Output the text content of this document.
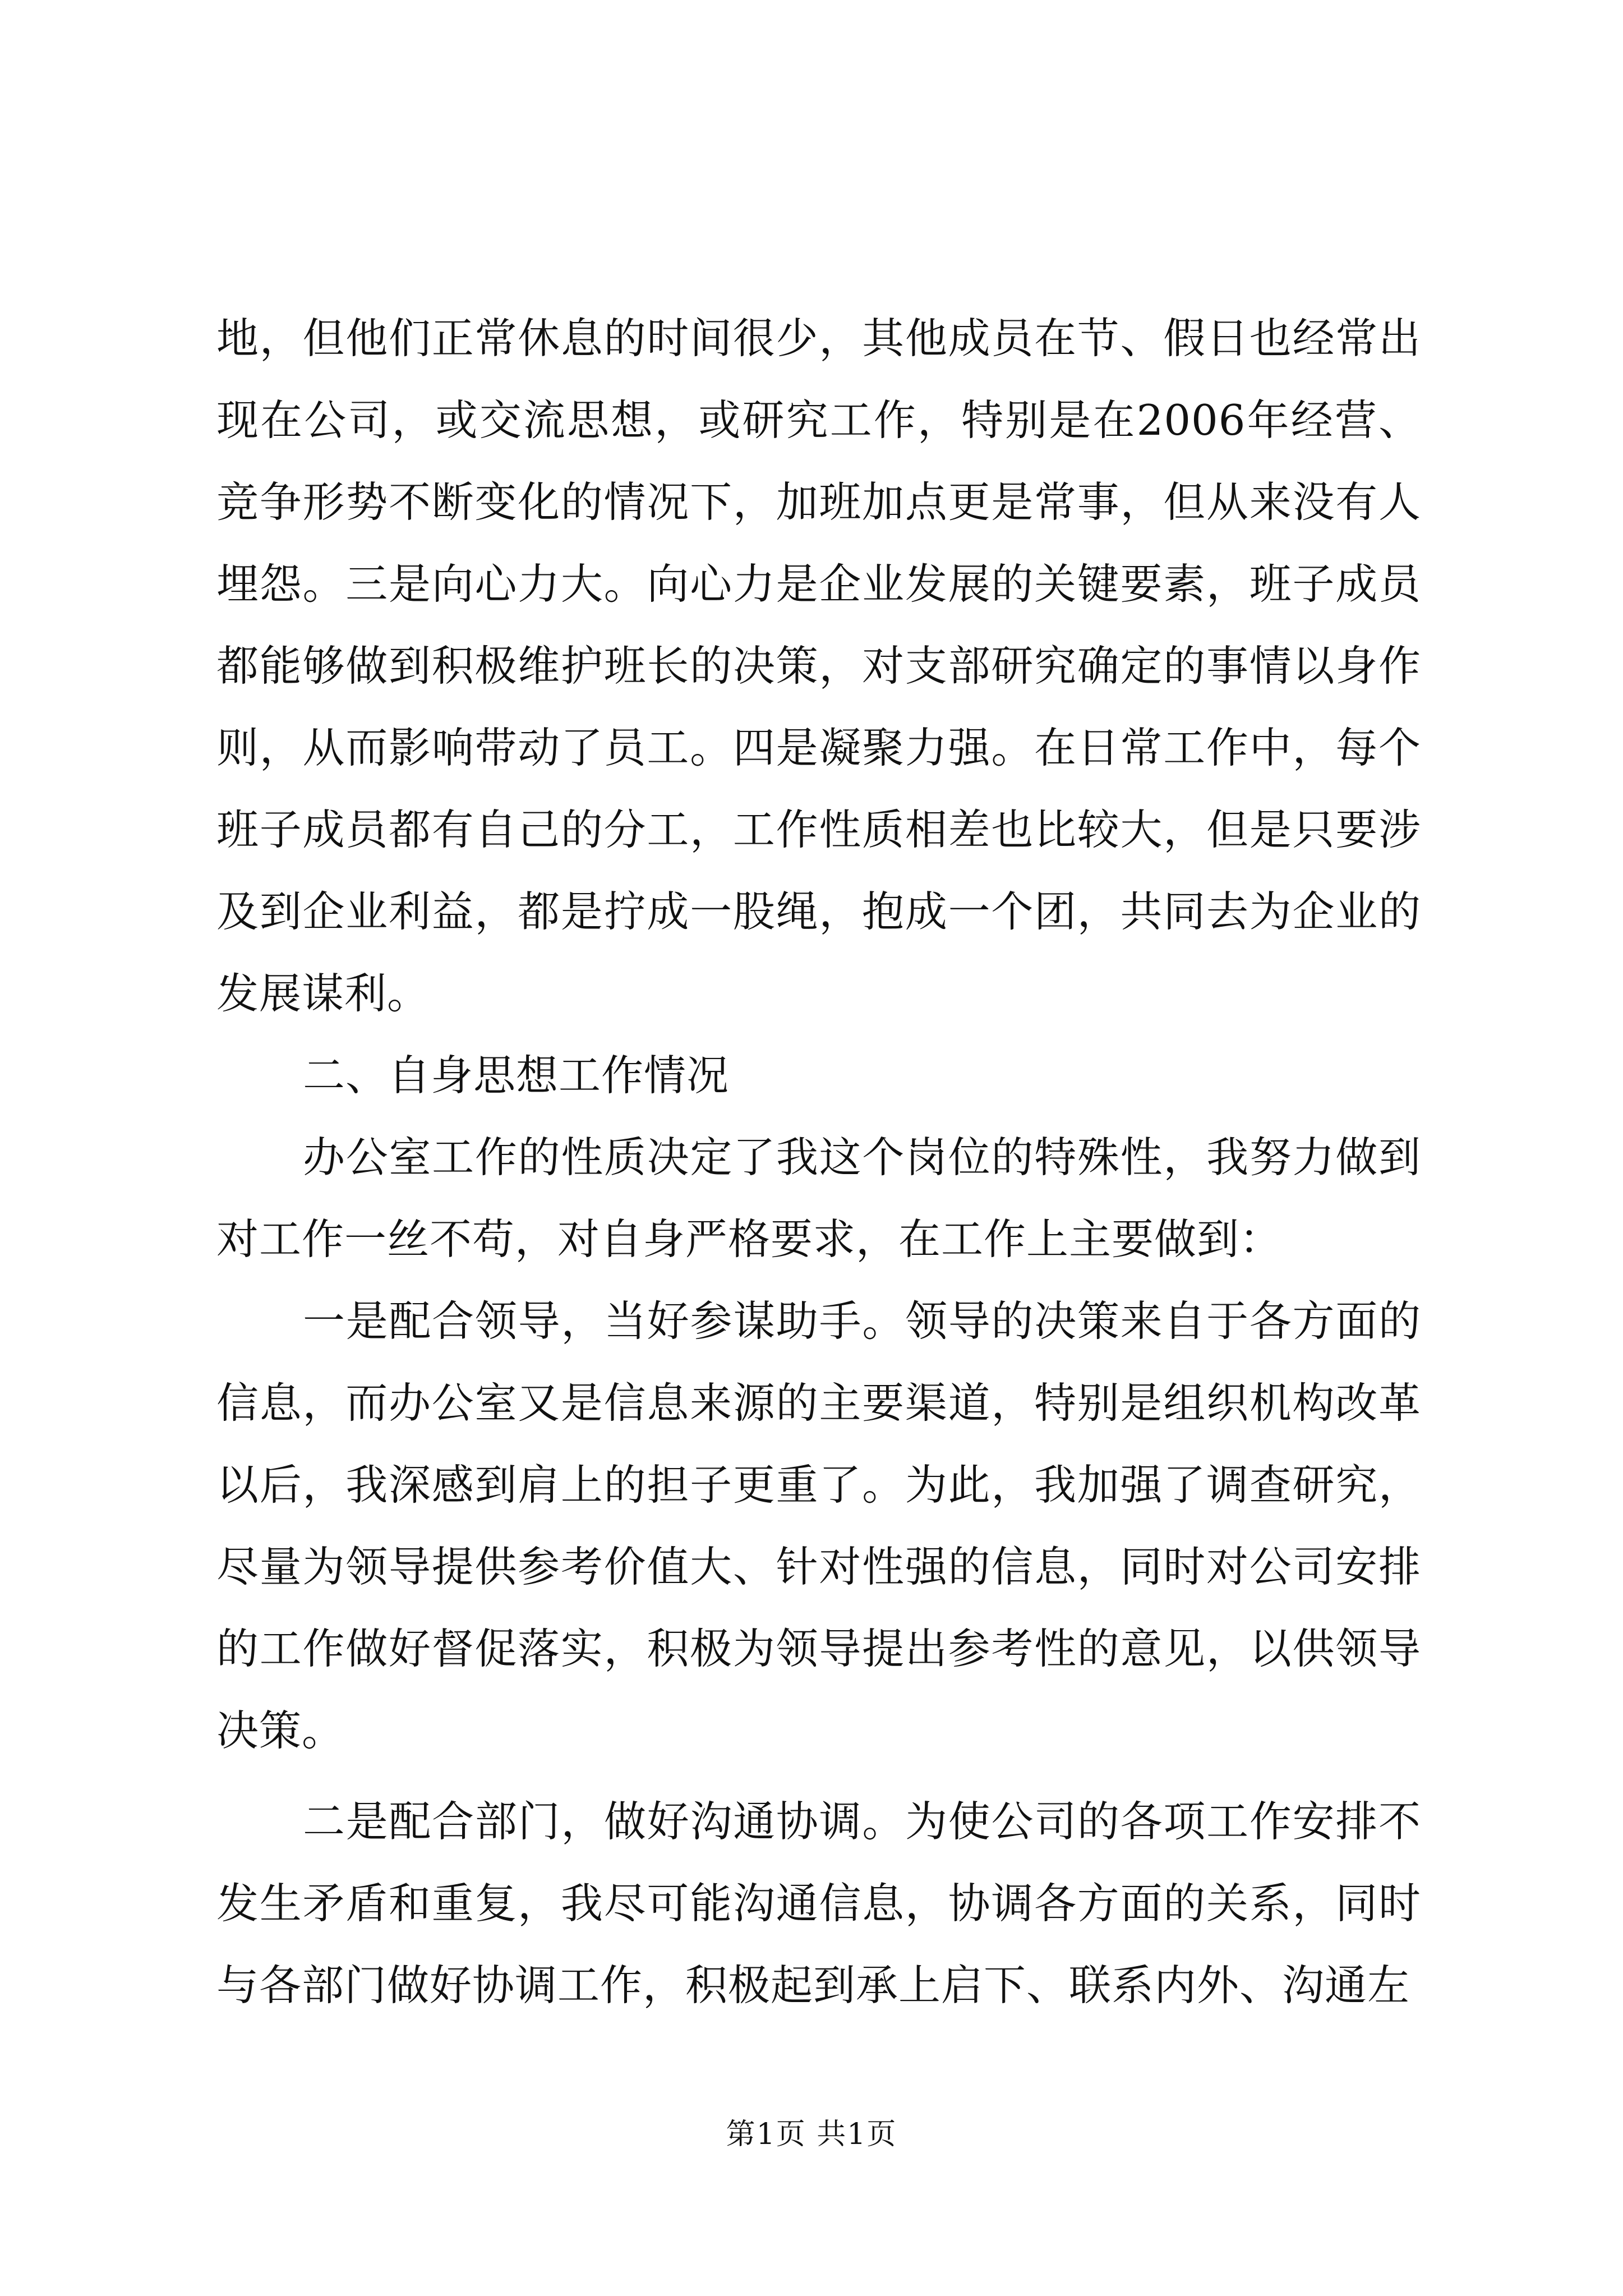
地，但他们正常休息的时间很少，其他成员在节、假日也经常出现在公司，或交流思想，或研究工作，特别是在2006年经营、竞争形势不断变化的情况下，加班加点更是常事，但从来没有人埋怨。三是向心力大。向心力是企业发展的关键要素，班子成员都能够做到积极维护班长的决策，对支部研究确定的事情以身作则，从而影响带动了员工。四是凝聚力强。在日常工作中，每个班子成员都有自己的分工，工作性质相差也比较大，但是只要涉及到企业利益，都是拧成一股绳，抱成一个团，共同去为企业的发展谋利。

二、自身思想工作情况

办公室工作的性质决定了我这个岗位的特殊性，我努力做到对工作一丝不苟，对自身严格要求，在工作上主要做到：

一是配合领导，当好参谋助手。领导的决策来自于各方面的信息，而办公室又是信息来源的主要渠道，特别是组织机构改革以后，我深感到肩上的担子更重了。为此，我加强了调查研究，尽量为领导提供参考价值大、针对性强的信息，同时对公司安排的工作做好督促落实，积极为领导提出参考性的意见，以供领导决策。

二是配合部门，做好沟通协调。为使公司的各项工作安排不发生矛盾和重复，我尽可能沟通信息，协调各方面的关系，同时与各部门做好协调工作，积极起到承上启下、联系内外、沟通左

第1页 共1页
